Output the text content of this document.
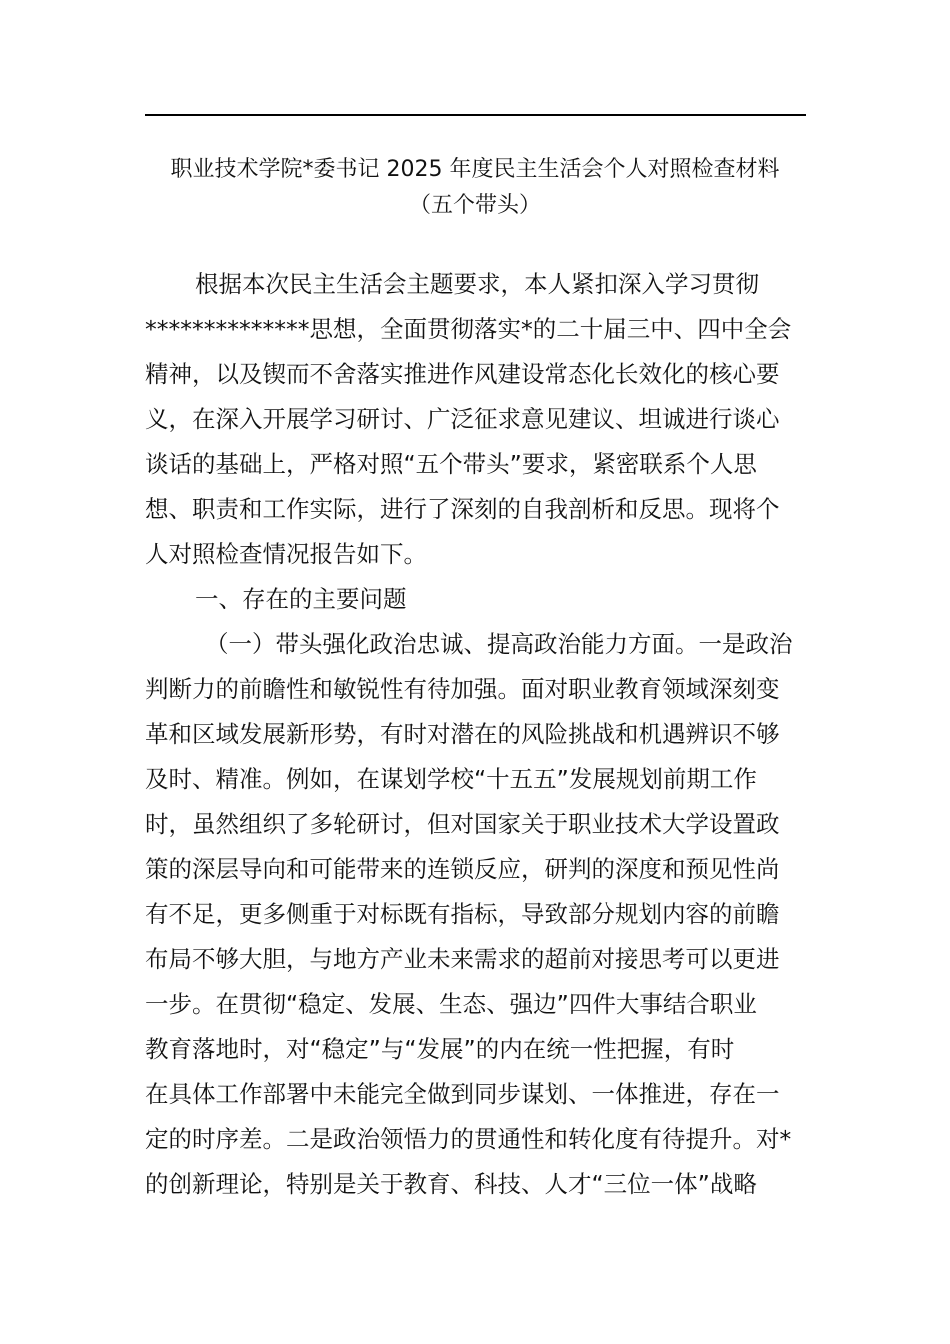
职业技术学院*委书记 2025 年度民主生活会个人对照检查材料
（五个带头）
根据本次民主生活会主题要求，本人紧扣深入学习贯彻
**************思想，全面贯彻落实*的二十届三中、四中全会
精神，以及锲而不舍落实推进作风建设常态化长效化的核心要
义，在深入开展学习研讨、广泛征求意见建议、坦诚进行谈心
谈话的基础上，严格对照“五个带头”要求，紧密联系个人思
想、职责和工作实际，进行了深刻的自我剖析和反思。现将个
人对照检查情况报告如下。
一、存在的主要问题
（一）带头强化政治忠诚、提高政治能力方面。一是政治
判断力的前瞻性和敏锐性有待加强。面对职业教育领域深刻变
革和区域发展新形势，有时对潜在的风险挑战和机遇辨识不够
及时、精准。例如，在谋划学校“十五五”发展规划前期工作
时，虽然组织了多轮研讨，但对国家关于职业技术大学设置政
策的深层导向和可能带来的连锁反应，研判的深度和预见性尚
有不足，更多侧重于对标既有指标，导致部分规划内容的前瞻
布局不够大胆，与地方产业未来需求的超前对接思考可以更进
一步。在贯彻“稳定、发展、生态、强边”四件大事结合职业
教育落地时，对“稳定”与“发展”的内在统一性把握，有时
在具体工作部署中未能完全做到同步谋划、一体推进，存在一
定的时序差。二是政治领悟力的贯通性和转化度有待提升。对*
的创新理论，特别是关于教育、科技、人才“三位一体”战略
